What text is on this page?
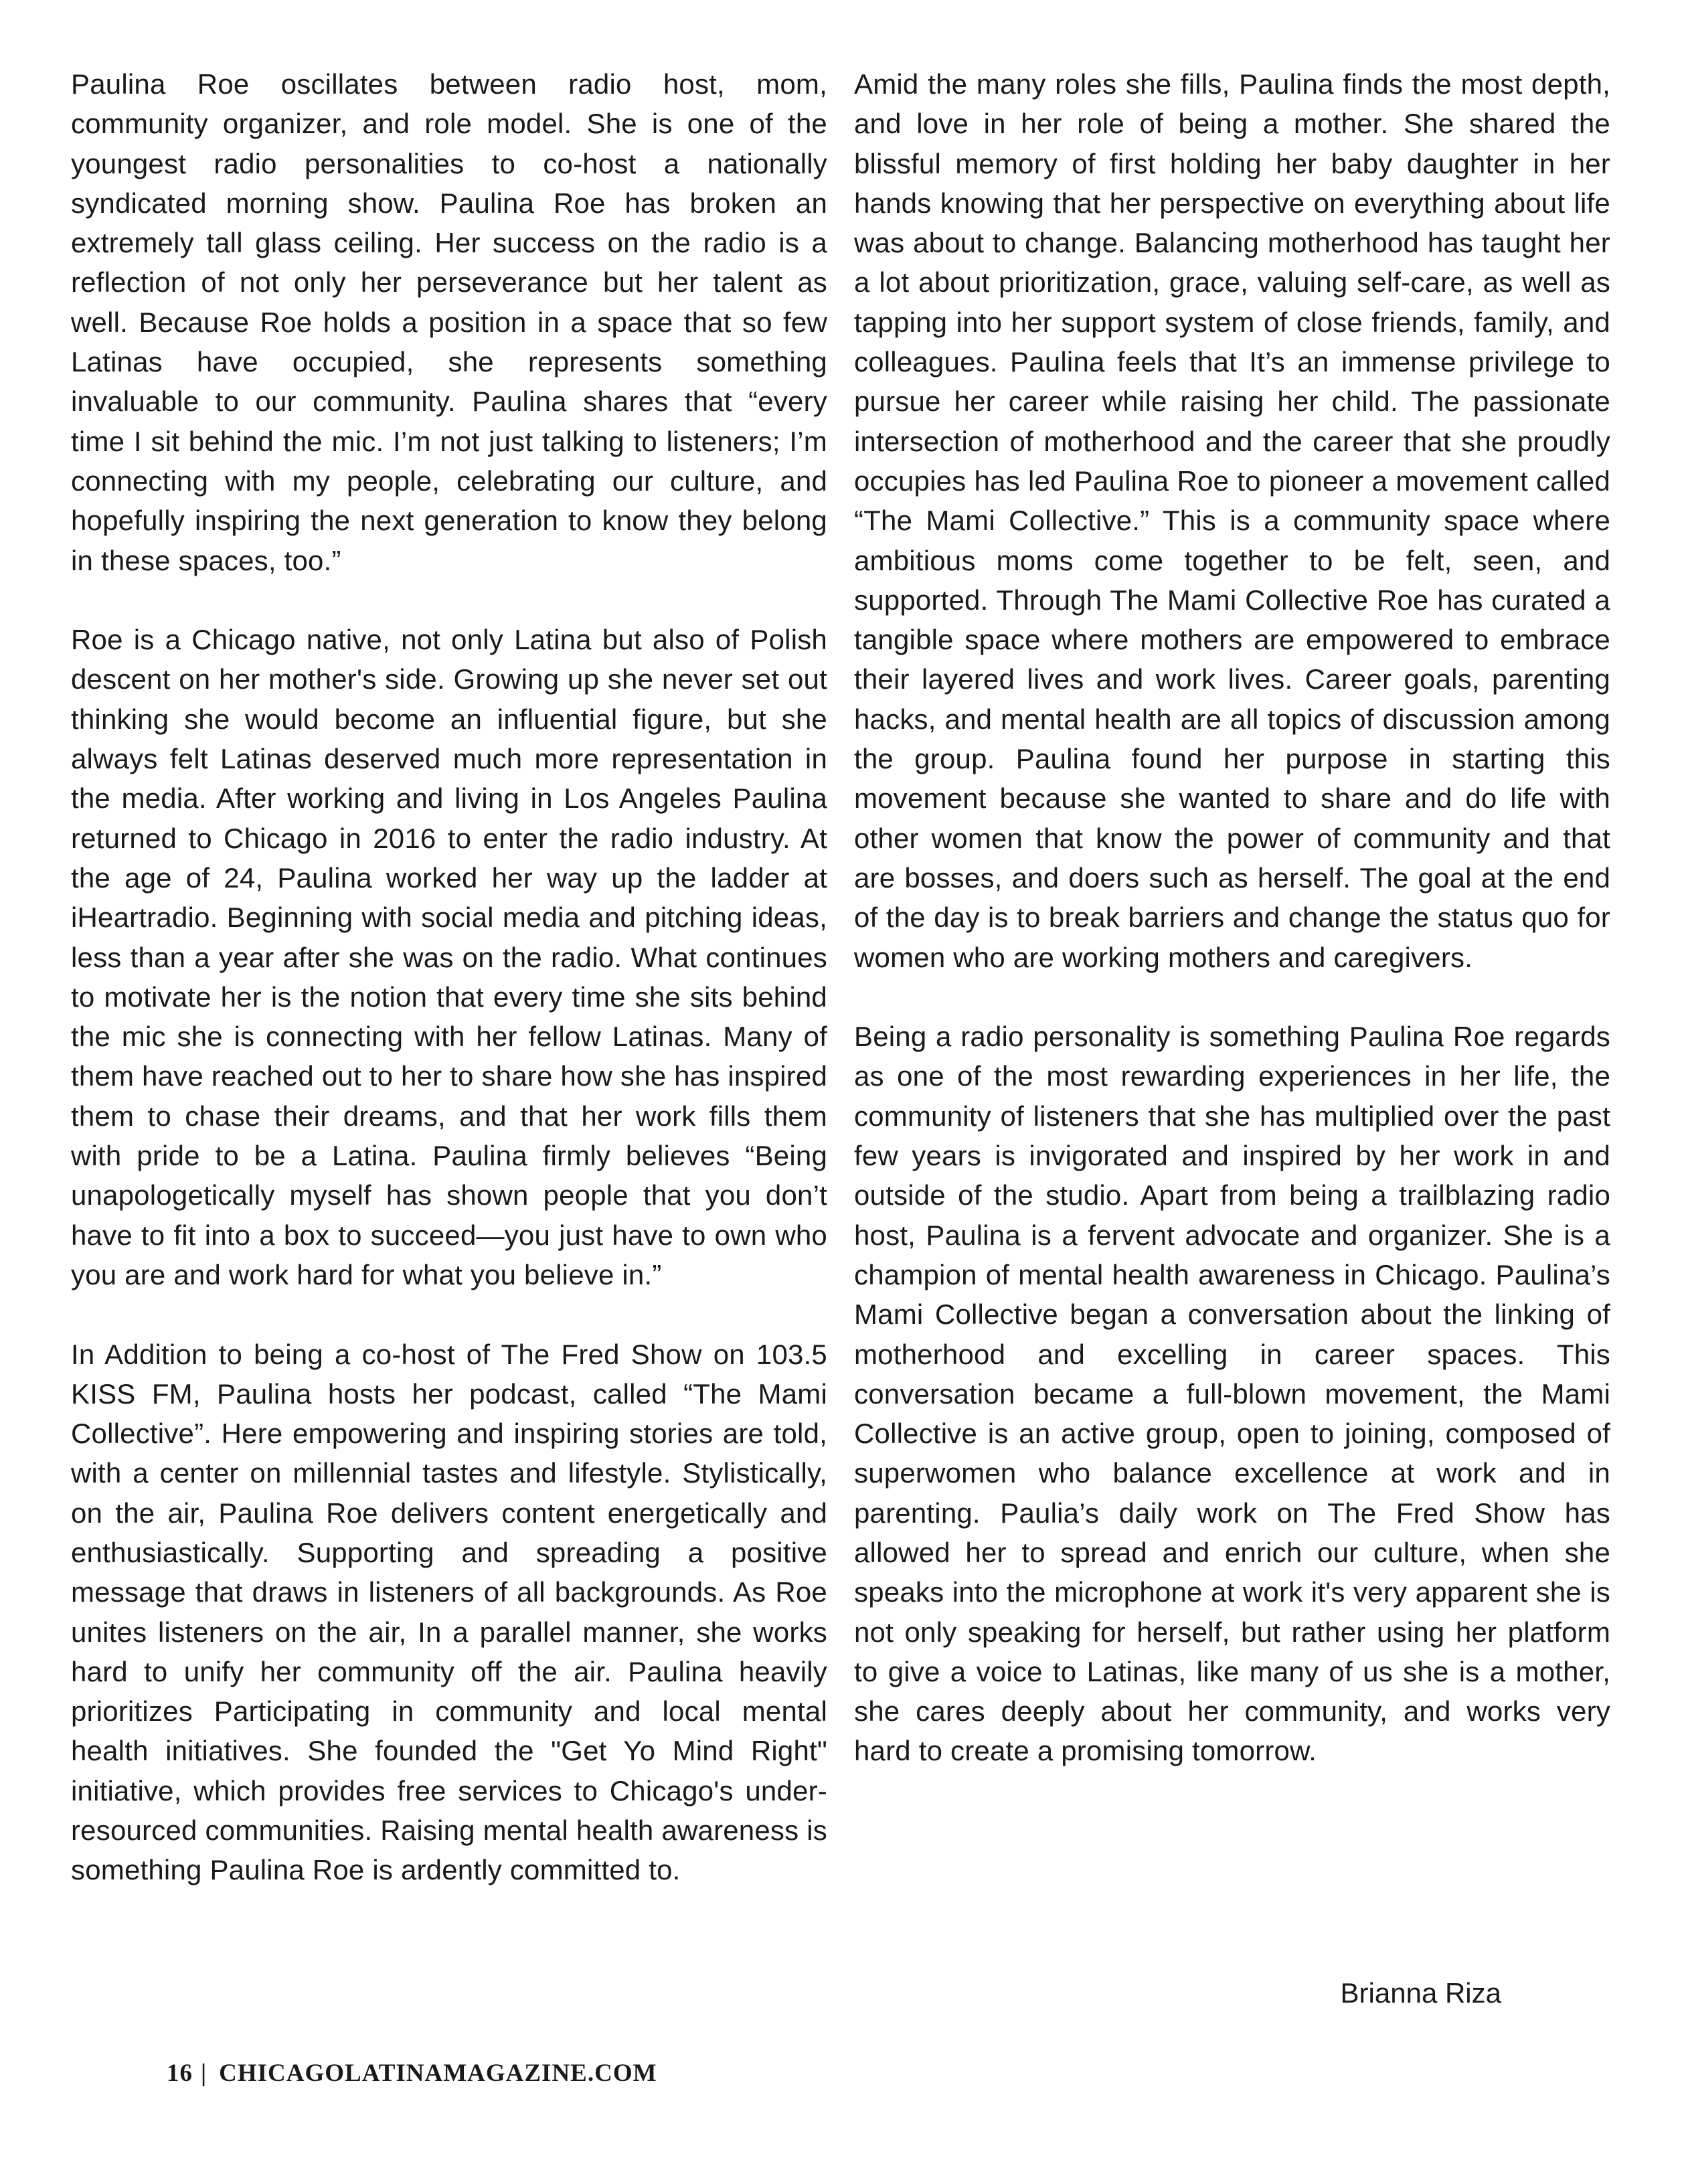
Paulina Roe oscillates between radio host, mom, community organizer, and role model. She is one of the youngest radio personalities to co-host a nationally syndicated morning show. Paulina Roe has broken an extremely tall glass ceiling. Her success on the radio is a reflection of not only her perseverance but her talent as well. Because Roe holds a position in a space that so few Latinas have occupied, she represents something invaluable to our community. Paulina shares that “every time I sit behind the mic. I’m not just talking to listeners; I’m connecting with my people, celebrating our culture, and hopefully inspiring the next generation to know they belong in these spaces, too.”

Roe is a Chicago native, not only Latina but also of Polish descent on her mother's side. Growing up she never set out thinking she would become an influential figure, but she always felt Latinas deserved much more representation in the media. After working and living in Los Angeles Paulina returned to Chicago in 2016 to enter the radio industry. At the age of 24, Paulina worked her way up the ladder at iHeartradio. Beginning with social media and pitching ideas, less than a year after she was on the radio. What continues to motivate her is the notion that every time she sits behind the mic she is connecting with her fellow Latinas. Many of them have reached out to her to share how she has inspired them to chase their dreams, and that her work fills them with pride to be a Latina. Paulina firmly believes “Being unapologetically myself has shown people that you don’t have to fit into a box to succeed—you just have to own who you are and work hard for what you believe in.”

In Addition to being a co-host of The Fred Show on 103.5 KISS FM, Paulina hosts her podcast, called “The Mami Collective”. Here empowering and inspiring stories are told, with a center on millennial tastes and lifestyle. Stylistically, on the air, Paulina Roe delivers content energetically and enthusiastically. Supporting and spreading a positive message that draws in listeners of all backgrounds. As Roe unites listeners on the air, In a parallel manner, she works hard to unify her community off the air. Paulina heavily prioritizes Participating in community and local mental health initiatives. She founded the "Get Yo Mind Right" initiative, which provides free services to Chicago's under-resourced communities. Raising mental health awareness is something Paulina Roe is ardently committed to.

Amid the many roles she fills, Paulina finds the most depth, and love in her role of being a mother. She shared the blissful memory of first holding her baby daughter in her hands knowing that her perspective on everything about life was about to change. Balancing motherhood has taught her a lot about prioritization, grace, valuing self-care, as well as tapping into her support system of close friends, family, and colleagues. Paulina feels that It’s an immense privilege to pursue her career while raising her child. The passionate intersection of motherhood and the career that she proudly occupies has led Paulina Roe to pioneer a movement called “The Mami Collective.” This is a community space where ambitious moms come together to be felt, seen, and supported. Through The Mami Collective Roe has curated a tangible space where mothers are empowered to embrace their layered lives and work lives. Career goals, parenting hacks, and mental health are all topics of discussion among the group. Paulina found her purpose in starting this movement because she wanted to share and do life with other women that know the power of community and that are bosses, and doers such as herself. The goal at the end of the day is to break barriers and change the status quo for women who are working mothers and caregivers.

Being a radio personality is something Paulina Roe regards as one of the most rewarding experiences in her life, the community of listeners that she has multiplied over the past few years is invigorated and inspired by her work in and outside of the studio. Apart from being a trailblazing radio host, Paulina is a fervent advocate and organizer. She is a champion of mental health awareness in Chicago. Paulina’s Mami Collective began a conversation about the linking of motherhood and excelling in career spaces. This conversation became a full-blown movement, the Mami Collective is an active group, open to joining, composed of superwomen who balance excellence at work and in parenting. Paulia’s daily work on The Fred Show has allowed her to spread and enrich our culture, when she speaks into the microphone at work it's very apparent she is not only speaking for herself, but rather using her platform to give a voice to Latinas, like many of us she is a mother, she cares deeply about her community, and works very hard to create a promising tomorrow.

Brianna Riza
16 | CHICAGOLATINAMAGAZINE.COM
